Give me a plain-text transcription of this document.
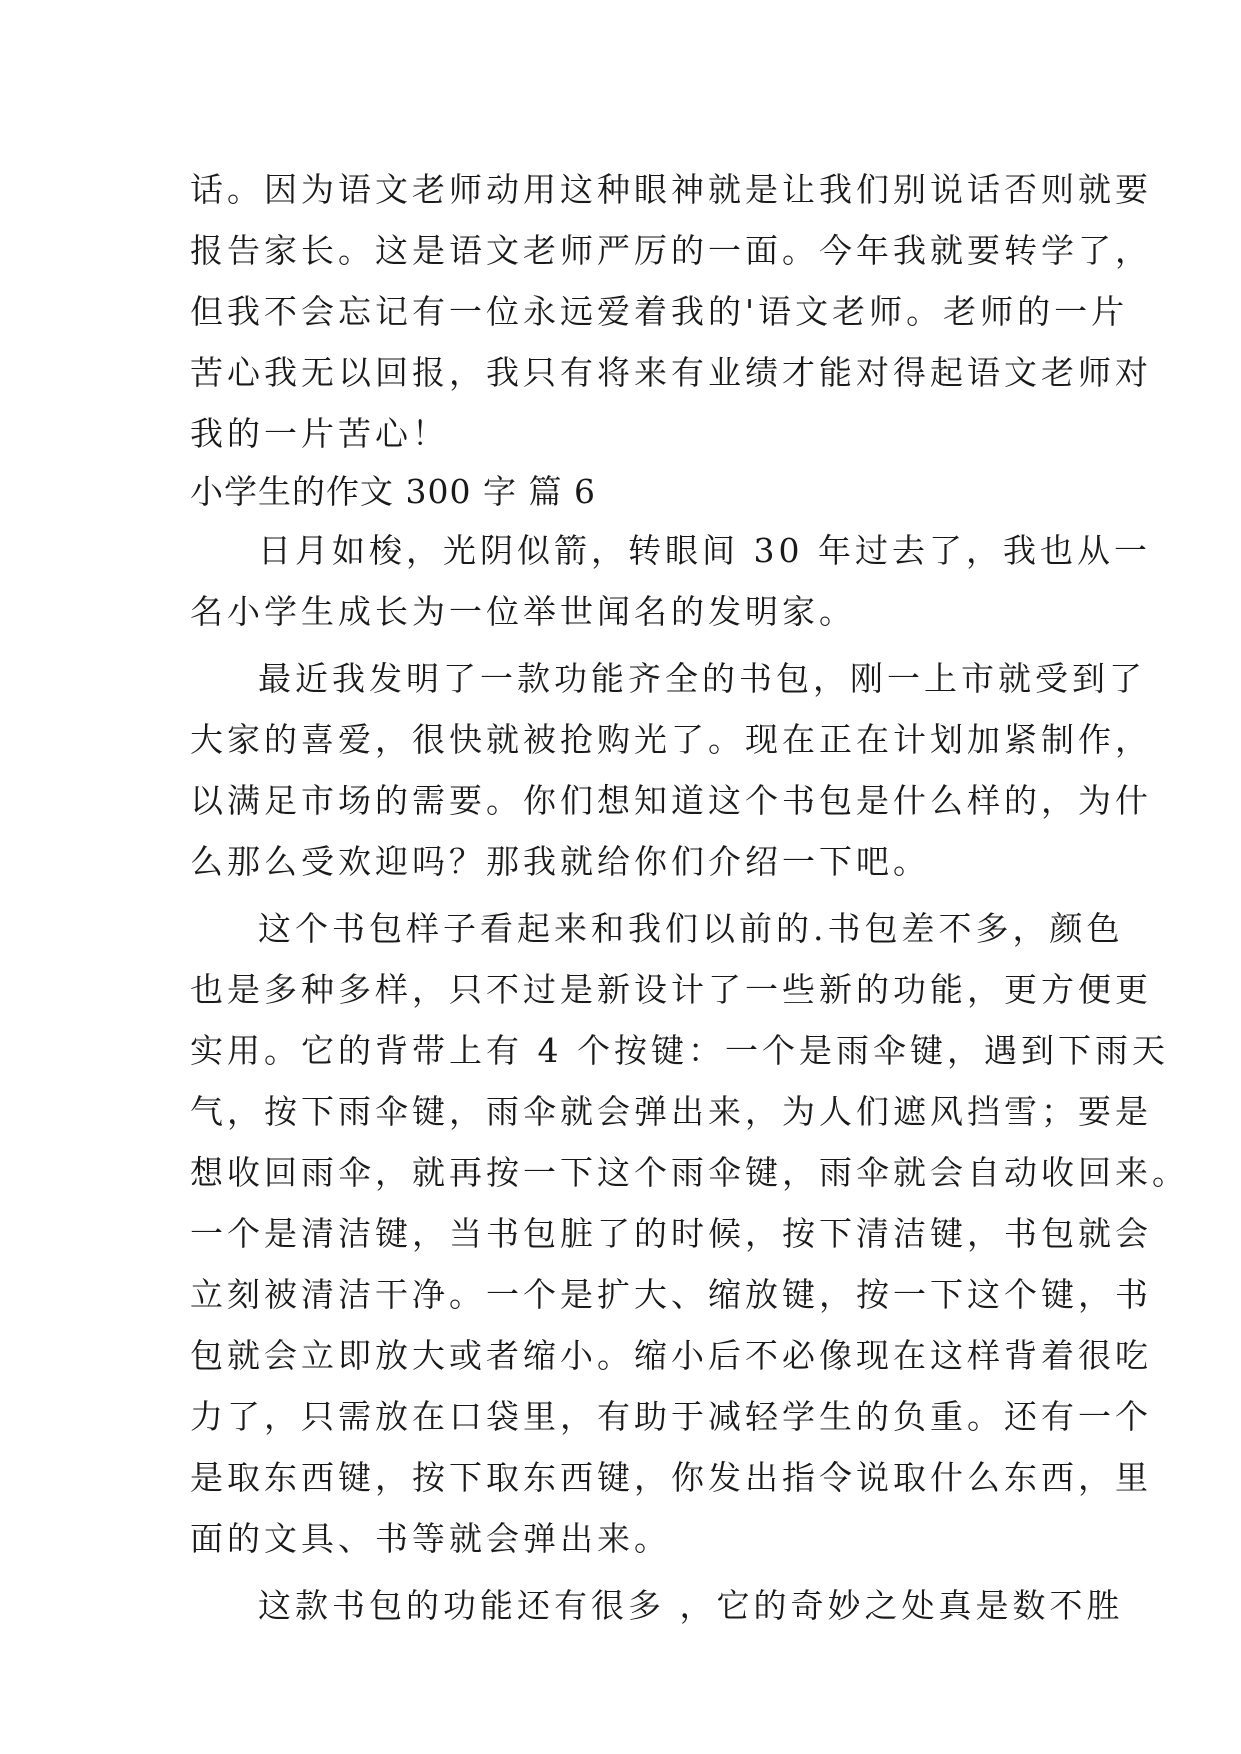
话。因为语文老师动用这种眼神就是让我们别说话否则就要
报告家长。这是语文老师严厉的一面。今年我就要转学了，
但我不会忘记有一位永远爱着我的'语文老师。老师的一片
苦心我无以回报，我只有将来有业绩才能对得起语文老师对
我的一片苦心！
小学生的作文 300 字 篇 6
日月如梭，光阴似箭，转眼间 30 年过去了，我也从一
名小学生成长为一位举世闻名的发明家。
最近我发明了一款功能齐全的书包，刚一上市就受到了
大家的喜爱，很快就被抢购光了。现在正在计划加紧制作，
以满足市场的需要。你们想知道这个书包是什么样的，为什
么那么受欢迎吗？那我就给你们介绍一下吧。
这个书包样子看起来和我们以前的.书包差不多，颜色
也是多种多样，只不过是新设计了一些新的功能，更方便更
实用。它的背带上有 4 个按键：一个是雨伞键，遇到下雨天
气，按下雨伞键，雨伞就会弹出来，为人们遮风挡雪；要是
想收回雨伞，就再按一下这个雨伞键，雨伞就会自动收回来。
一个是清洁键，当书包脏了的时候，按下清洁键，书包就会
立刻被清洁干净。一个是扩大、缩放键，按一下这个键，书
包就会立即放大或者缩小。缩小后不必像现在这样背着很吃
力了，只需放在口袋里，有助于减轻学生的负重。还有一个
是取东西键，按下取东西键，你发出指令说取什么东西，里
面的文具、书等就会弹出来。
这款书包的功能还有很多 ，它的奇妙之处真是数不胜
